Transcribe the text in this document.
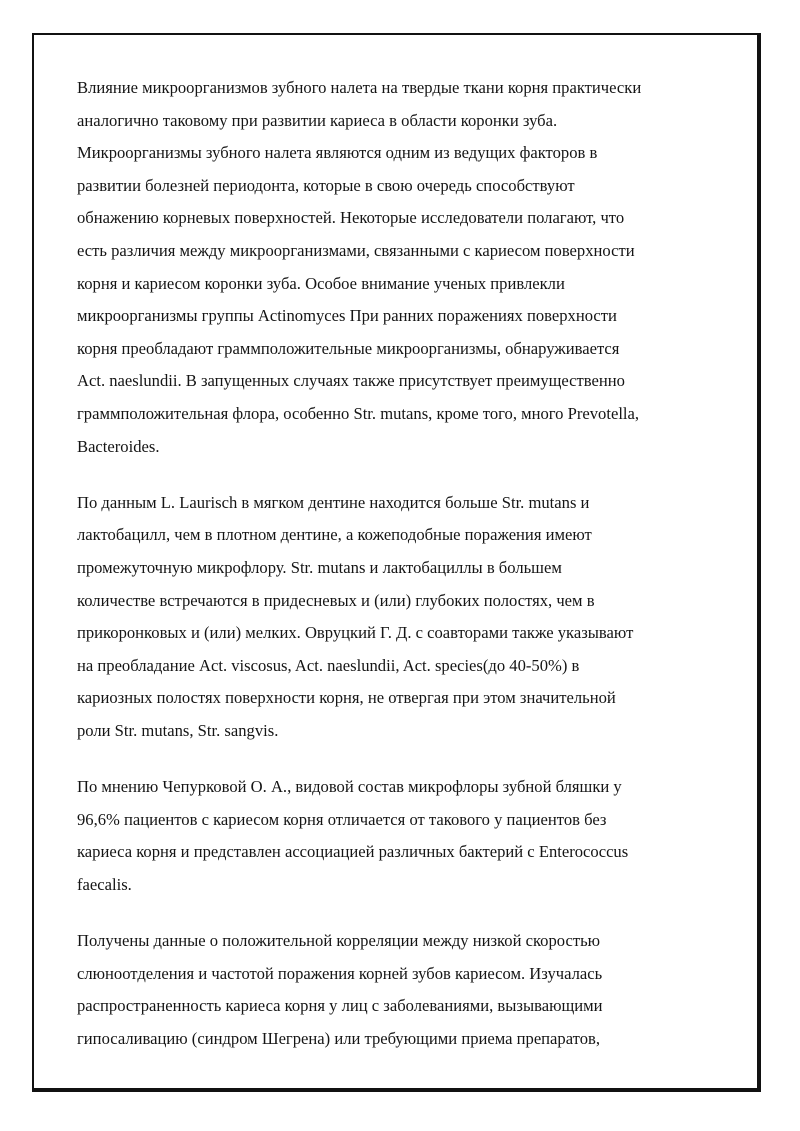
Влияние микроорганизмов зубного налета на твердые ткани корня практически
аналогично таковому при развитии кариеса в области коронки зуба.
Микроорганизмы зубного налета являются одним из ведущих факторов в
развитии болезней периодонта, которые в свою очередь способствуют
обнажению корневых поверхностей. Некоторые исследователи полагают, что
есть различия между микроорганизмами, связанными с кариесом поверхности
корня и кариесом коронки зуба. Особое внимание ученых привлекли
микроорганизмы группы Actinomyces При ранних поражениях поверхности
корня преобладают граммположительные микроорганизмы, обнаруживается
Act. naeslundii. В запущенных случаях также присутствует преимущественно
граммположительная флора, особенно Str. mutans, кроме того, много Prevotella,
Bacteroides.
По данным L. Laurisch в мягком дентине находится больше Str. mutans и
лактобацилл, чем в плотном дентине, а кожеподобные поражения имеют
промежуточную микрофлору. Str. mutans и лактобациллы в большем
количестве встречаются в придесневых и (или) глубоких полостях, чем в
прикоронковых и (или) мелких. Овруцкий Г. Д. с соавторами также указывают
на преобладание Act. viscosus, Act. naeslundii, Act. species(до 40-50%) в
кариозных полостях поверхности корня, не отвергая при этом значительной
роли Str. mutans, Str. sangvis.
По мнению Чепурковой О. А., видовой состав микрофлоры зубной бляшки у
96,6% пациентов с кариесом корня отличается от такового у пациентов без
кариеса корня и представлен ассоциацией различных бактерий с Enterococcus
faecalis.
Получены данные о положительной корреляции между низкой скоростью
слюноотделения и частотой поражения корней зубов кариесом. Изучалась
распространенность кариеса корня у лиц с заболеваниями, вызывающими
гипосаливацию (синдром Шегрена) или требующими приема препаратов,
